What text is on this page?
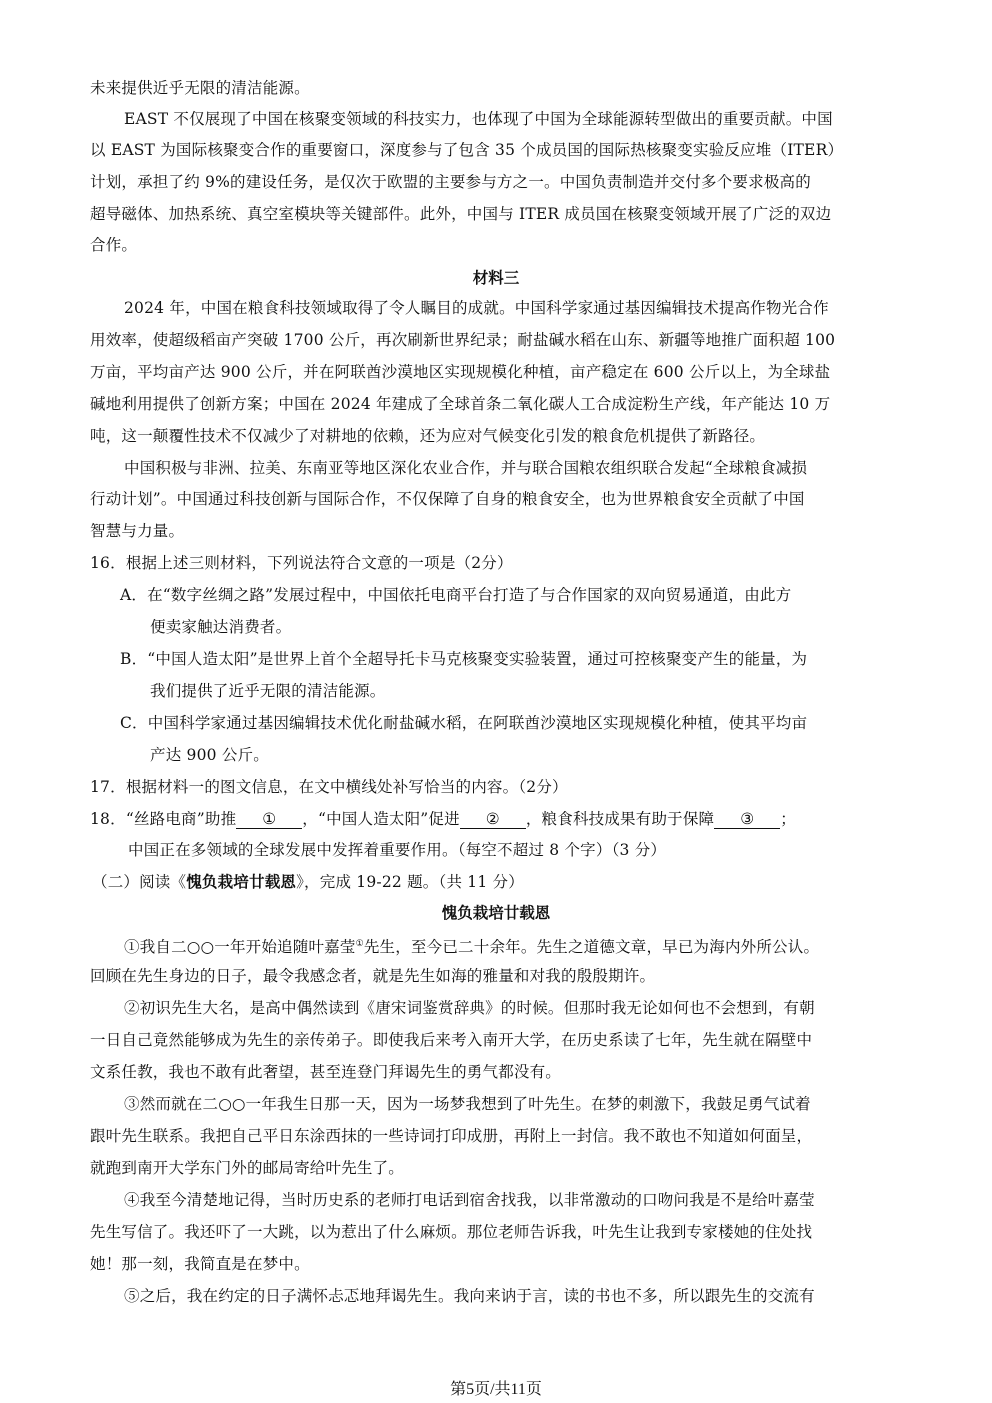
未来提供近乎无限的清洁能源。
EAST 不仅展现了中国在核聚变领域的科技实力，也体现了中国为全球能源转型做出的重要贡献。中国
以 EAST 为国际核聚变合作的重要窗口，深度参与了包含 35 个成员国的国际热核聚变实验反应堆（ITER）
计划，承担了约 9%的建设任务，是仅次于欧盟的主要参与方之一。中国负责制造并交付多个要求极高的
超导磁体、加热系统、真空室模块等关键部件。此外，中国与 ITER 成员国在核聚变领域开展了广泛的双边
合作。
材料三
2024 年，中国在粮食科技领域取得了令人瞩目的成就。中国科学家通过基因编辑技术提高作物光合作
用效率，使超级稻亩产突破 1700 公斤，再次刷新世界纪录；耐盐碱水稻在山东、新疆等地推广面积超 100
万亩，平均亩产达 900 公斤，并在阿联酋沙漠地区实现规模化种植，亩产稳定在 600 公斤以上，为全球盐
碱地利用提供了创新方案；中国在 2024 年建成了全球首条二氧化碳人工合成淀粉生产线，年产能达 10 万
吨，这一颠覆性技术不仅减少了对耕地的依赖，还为应对气候变化引发的粮食危机提供了新路径。
中国积极与非洲、拉美、东南亚等地区深化农业合作，并与联合国粮农组织联合发起“全球粮食减损
行动计划”。中国通过科技创新与国际合作，不仅保障了自身的粮食安全，也为世界粮食安全贡献了中国
智慧与力量。
16．根据上述三则材料，下列说法符合文意的一项是（2分）
A．在“数字丝绸之路”发展过程中，中国依托电商平台打造了与合作国家的双向贸易通道，由此方
便卖家触达消费者。
B．“中国人造太阳”是世界上首个全超导托卡马克核聚变实验装置，通过可控核聚变产生的能量，为
我们提供了近乎无限的清洁能源。
C．中国科学家通过基因编辑技术优化耐盐碱水稻，在阿联酋沙漠地区实现规模化种植，使其平均亩
产达 900 公斤。
17．根据材料一的图文信息，在文中横线处补写恰当的内容。（2分）
18．“丝路电商”助推 ① ，“中国人造太阳”促进 ② ，粮食科技成果有助于保障 ③ ；
中国正在多领域的全球发展中发挥着重要作用。（每空不超过 8 个字）（3 分）
（二）阅读《愧负栽培廿载恩》，完成 19-22 题。（共 11 分）
愧负栽培廿载恩
①我自二○○一年开始追随叶嘉莹①先生，至今已二十余年。先生之道德文章，早已为海内外所公认。
回顾在先生身边的日子，最令我感念者，就是先生如海的雅量和对我的殷殷期许。
②初识先生大名，是高中偶然读到《唐宋词鉴赏辞典》的时候。但那时我无论如何也不会想到，有朝
一日自己竟然能够成为先生的亲传弟子。即使我后来考入南开大学，在历史系读了七年，先生就在隔壁中
文系任教，我也不敢有此奢望，甚至连登门拜谒先生的勇气都没有。
③然而就在二○○一年我生日那一天，因为一场梦我想到了叶先生。在梦的刺激下，我鼓足勇气试着
跟叶先生联系。我把自己平日东涂西抹的一些诗词打印成册，再附上一封信。我不敢也不知道如何面呈，
就跑到南开大学东门外的邮局寄给叶先生了。
④我至今清楚地记得，当时历史系的老师打电话到宿舍找我，以非常激动的口吻问我是不是给叶嘉莹
先生写信了。我还吓了一大跳，以为惹出了什么麻烦。那位老师告诉我，叶先生让我到专家楼她的住处找
她！那一刻，我简直是在梦中。
⑤之后，我在约定的日子满怀忐忑地拜谒先生。我向来讷于言，读的书也不多，所以跟先生的交流有
第5页/共11页
